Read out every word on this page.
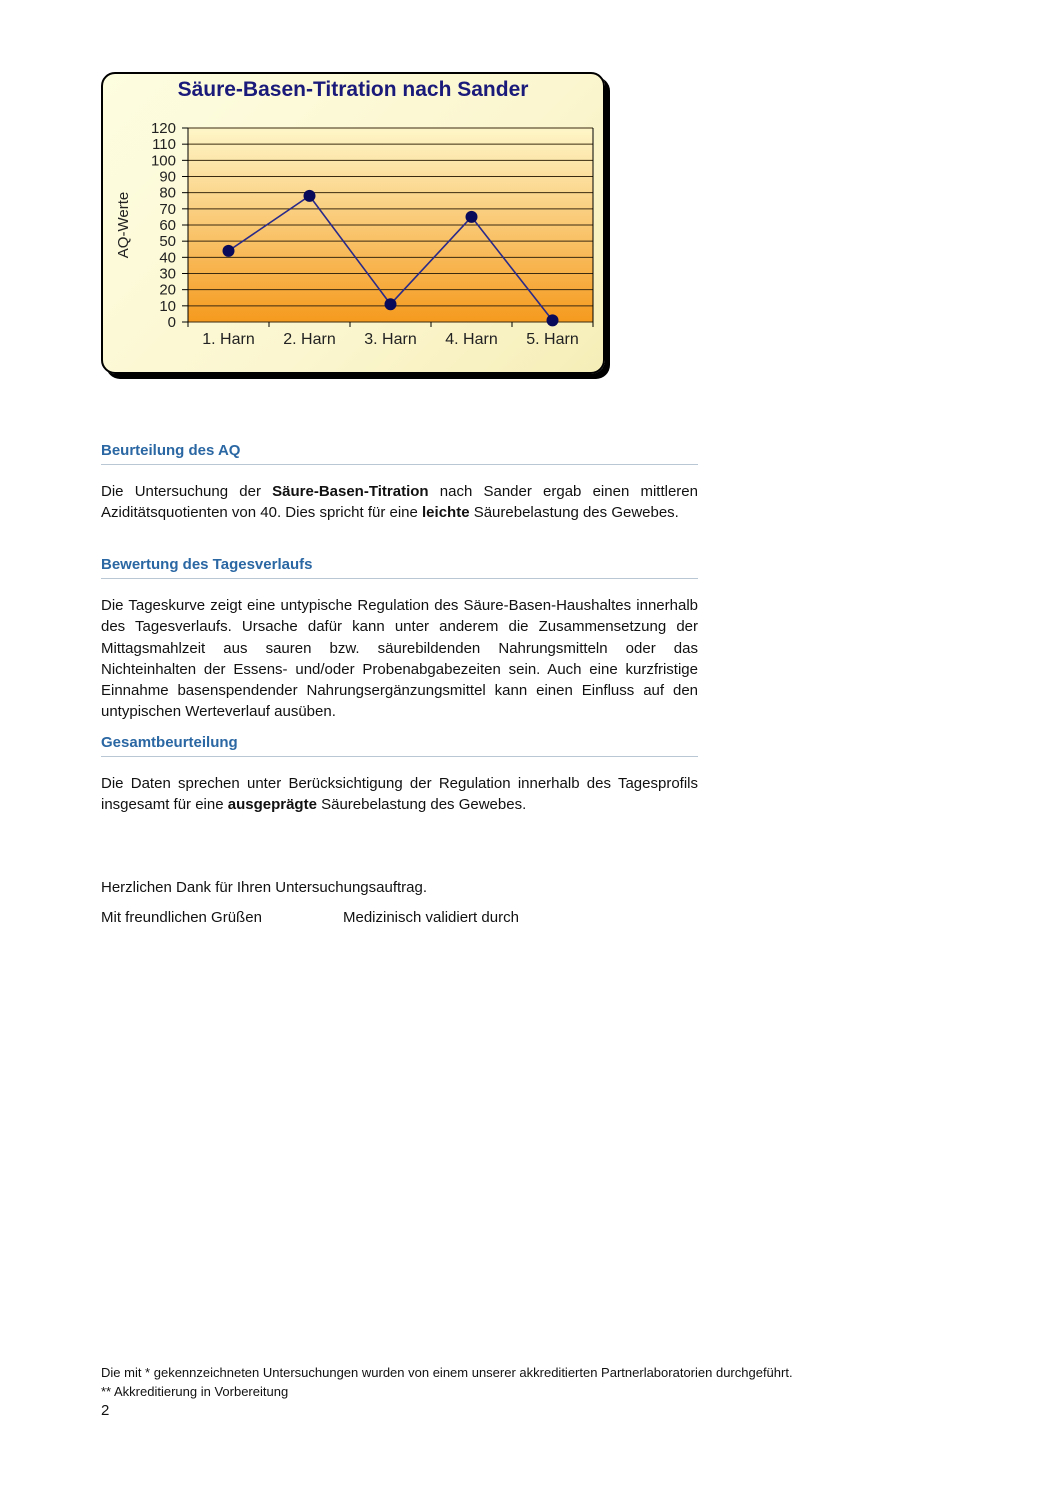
Säure-Basen-Titration nach Sander
0
10
20
30
40
50
60
70
80
90
100
110
120
1. Harn 2. Harn 3. Harn 4. Harn 5. Harn
AQ-Werte
Beurteilung des AQ
Die Untersuchung der Säure-Basen-Titration nach Sander ergab einen mittleren Aziditätsquotienten von 40. Dies spricht für eine leichte Säurebelastung des Gewebes.
Bewertung des Tagesverlaufs
Die Tageskurve zeigt eine untypische Regulation des Säure-Basen-Haushaltes innerhalb des Tagesverlaufs. Ursache dafür kann unter anderem die Zusammensetzung der Mittagsmahlzeit aus sauren bzw. säurebildenden Nahrungsmitteln oder das Nichteinhalten der Essens- und/oder Probenabgabezeiten sein. Auch eine kurzfristige Einnahme basenspendender Nahrungsergänzungsmittel kann einen Einfluss auf den untypischen Werteverlauf ausüben.
Gesamtbeurteilung
Die Daten sprechen unter Berücksichtigung der Regulation innerhalb des Tagesprofils insgesamt für eine ausgeprägte Säurebelastung des Gewebes.
Herzlichen Dank für Ihren Untersuchungsauftrag.
Mit freundlichen Grüßen	Medizinisch validiert durch
Die mit * gekennzeichneten Untersuchungen wurden von einem unserer akkreditierten Partnerlaboratorien durchgeführt.
** Akkreditierung in Vorbereitung
2
